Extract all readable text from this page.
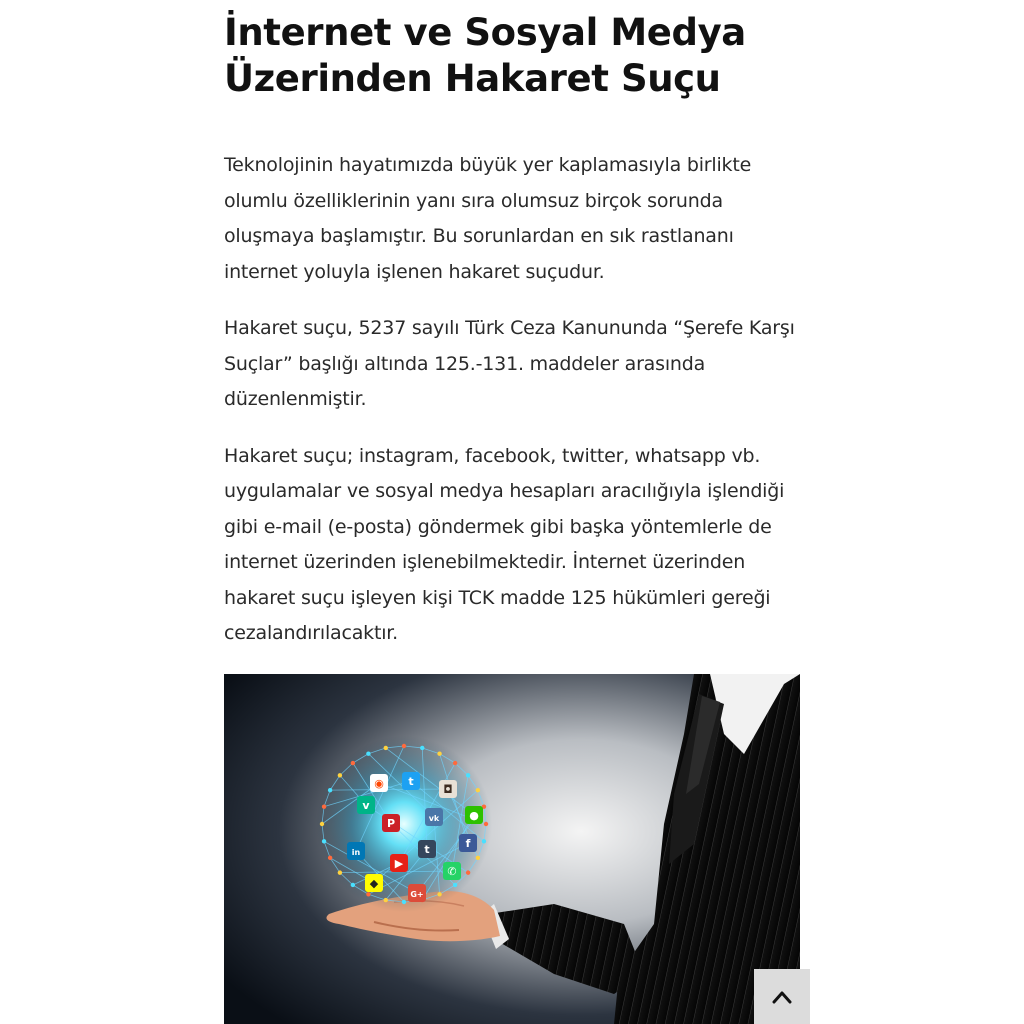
İnternet ve Sosyal Medya
Üzerinden Hakaret Suçu

Teknolojinin hayatımızda büyük yer kaplamasıyla birlikte
olumlu özelliklerinin yanı sıra olumsuz birçok sorunda
oluşmaya başlamıştır. Bu sorunlardan en sık rastlananı
internet yoluyla işlenen hakaret suçudur.

Hakaret suçu, 5237 sayılı Türk Ceza Kanununda “Şerefe Karşı
Suçlar” başlığı altında 125.-131. maddeler arasında
düzenlenmiştir.

Hakaret suçu; instagram, facebook, twitter, whatsapp vb.
uygulamalar ve sosyal medya hesapları aracılığıyla işlendiği
gibi e-mail (e-posta) göndermek gibi başka yöntemlerle de
internet üzerinden işlenebilmektedir. İnternet üzerinden
hakaret suçu işleyen kişi TCK madde 125 hükümleri gereği
cezalandırılacaktır.

◉ t
◘
v
P	vk	●
in	t	f
▶
✆
◆
G+
